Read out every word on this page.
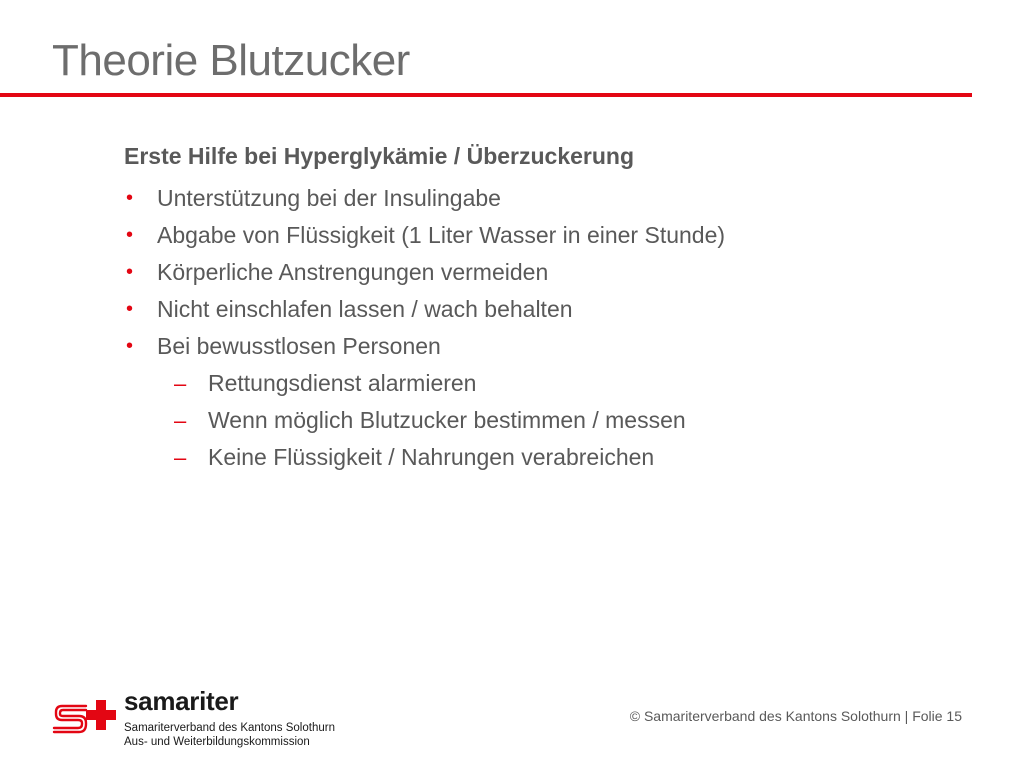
Theorie Blutzucker

Erste Hilfe bei Hyperglykämie / Überzuckerung

• Unterstützung bei der Insulingabe
• Abgabe von Flüssigkeit (1 Liter Wasser in einer Stunde)
• Körperliche Anstrengungen vermeiden
• Nicht einschlafen lassen / wach behalten
• Bei bewusstlosen Personen
– Rettungsdienst alarmieren
– Wenn möglich Blutzucker bestimmen / messen
– Keine Flüssigkeit / Nahrungen verabreichen
samariter
Samariterverband des Kantons Solothurn
Aus- und Weiterbildungskommission
© Samariterverband des Kantons Solothurn | Folie 15
